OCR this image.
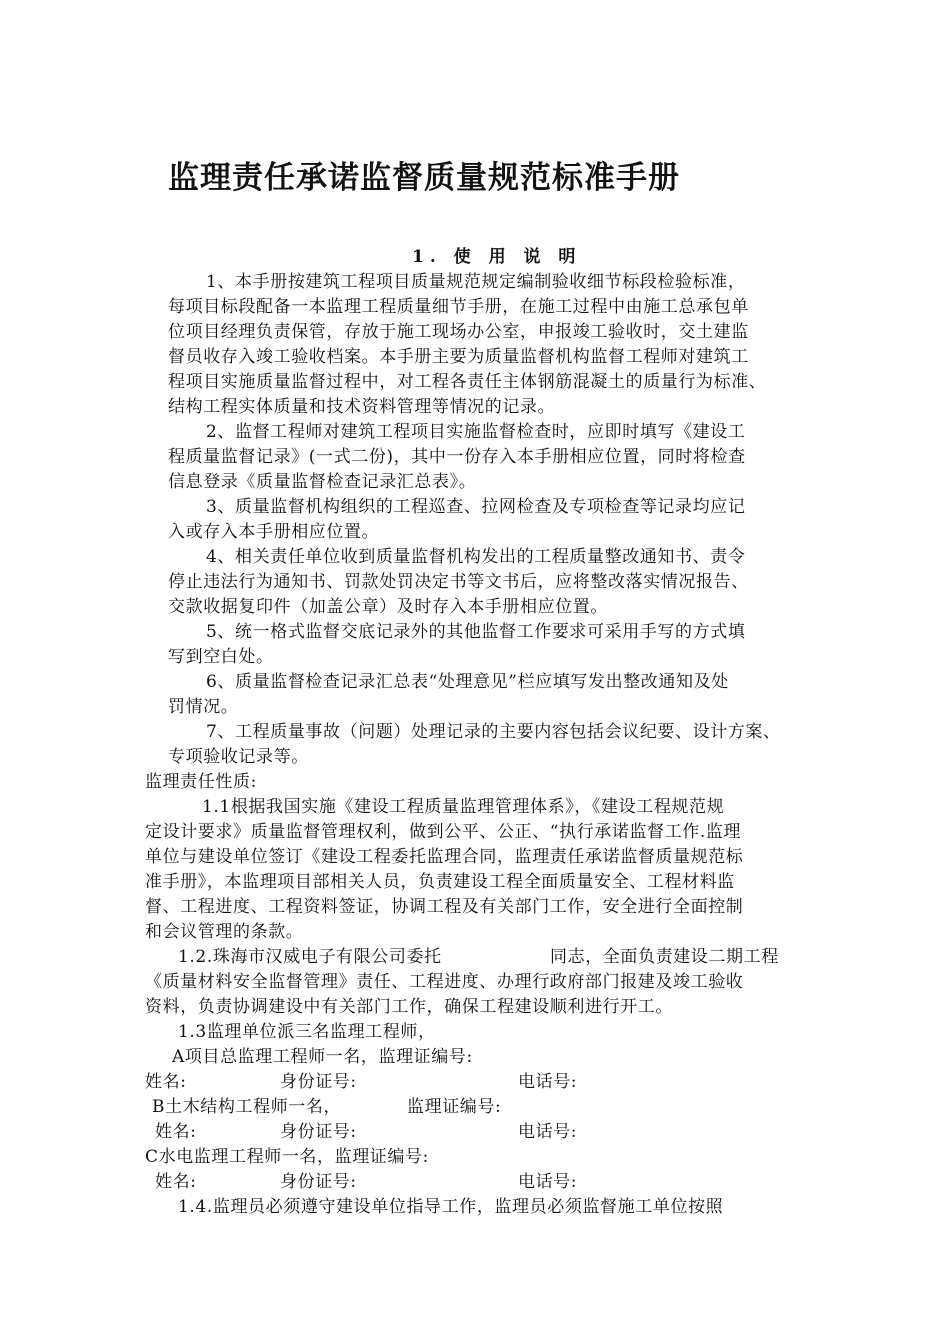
监理责任承诺监督质量规范标准手册
1. 使 用 说 明
1、本手册按建筑工程项目质量规范规定编制验收细节标段检验标准，
每项目标段配备一本监理工程质量细节手册，在施工过程中由施工总承包单
位项目经理负责保管，存放于施工现场办公室，申报竣工验收时，交土建监
督员收存入竣工验收档案。本手册主要为质量监督机构监督工程师对建筑工
程项目实施质量监督过程中，对工程各责任主体钢筋混凝土的质量行为标准、
结构工程实体质量和技术资料管理等情况的记录。
2、监督工程师对建筑工程项目实施监督检查时，应即时填写《建设工
程质量监督记录》(一式二份)，其中一份存入本手册相应位置，同时将检查
信息登录《质量监督检查记录汇总表》。
3、质量监督机构组织的工程巡查、拉网检查及专项检查等记录均应记
入或存入本手册相应位置。
4、相关责任单位收到质量监督机构发出的工程质量整改通知书、责令
停止违法行为通知书、罚款处罚决定书等文书后，应将整改落实情况报告、
交款收据复印件（加盖公章）及时存入本手册相应位置。
5、统一格式监督交底记录外的其他监督工作要求可采用手写的方式填
写到空白处。
6、质量监督检查记录汇总表“处理意见”栏应填写发出整改通知及处
罚情况。
7、工程质量事故（问题）处理记录的主要内容包括会议纪要、设计方案、
专项验收记录等。
监理责任性质:
1.1根据我国实施《建设工程质量监理管理体系》，《建设工程规范规
定设计要求》质量监督管理权利，做到公平、公正、“执行承诺监督工作.监理
单位与建设单位签订《建设工程委托监理合同，监理责任承诺监督质量规范标
准手册》，本监理项目部相关人员，负责建设工程全面质量安全、工程材料监
督、工程进度、工程资料签证，协调工程及有关部门工作，安全进行全面控制
和会议管理的条款。
1.2.珠海市汉威电子有限公司委托	同志，全面负责建设二期工程
《质量材料安全监督管理》责任、工程进度、办理行政府部门报建及竣工验收
资料，负责协调建设中有关部门工作，确保工程建设顺利进行开工。
1.3监理单位派三名监理工程师，
A项目总监理工程师一名，监理证编号:
姓名:	身份证号:	电话号:
B土木结构工程师一名，	监理证编号:
姓名:	身份证号:	电话号:
C水电监理工程师一名，监理证编号:
姓名:	身份证号:	电话号:
1.4.监理员必须遵守建设单位指导工作，监理员必须监督施工单位按照
